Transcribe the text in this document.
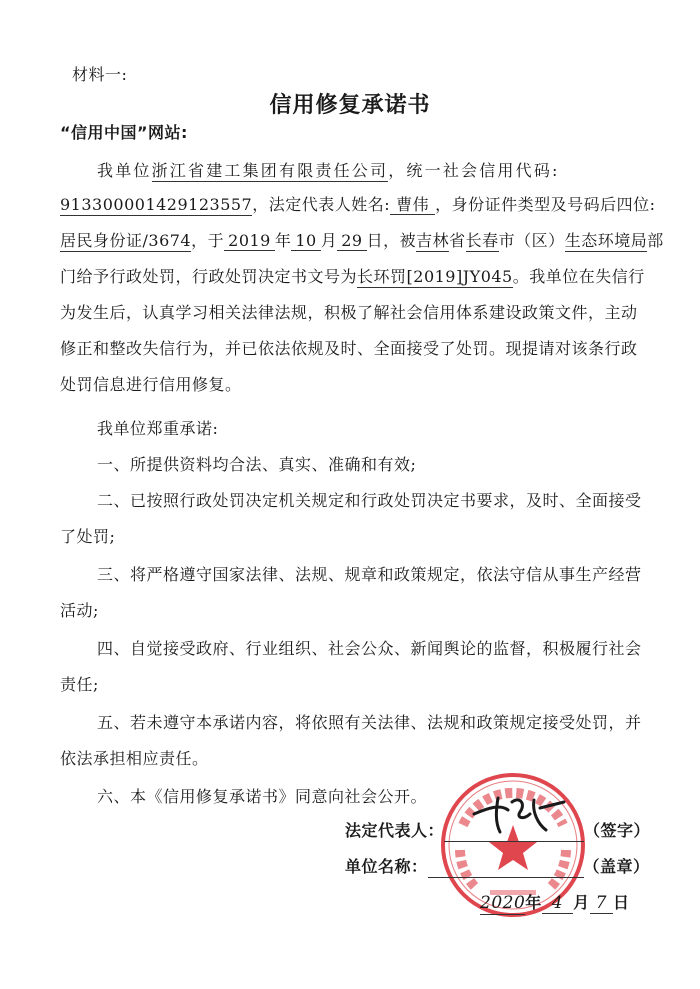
材料一:
信用修复承诺书
“信用中国”网站:
我单位浙江省建工集团有限责任公司，统一社会信用代码:
913300001429123557，法定代表人姓名: 曹伟 ，身份证件类型及号码后四位:
居民身份证/3674，于 2019 年 10 月 29 日，被吉林省长春市（区）生态环境局部
门给予行政处罚，行政处罚决定书文号为长环罚[2019]JY045。我单位在失信行
为发生后，认真学习相关法律法规，积极了解社会信用体系建设政策文件，主动
修正和整改失信行为，并已依法依规及时、全面接受了处罚。现提请对该条行政
处罚信息进行信用修复。
我单位郑重承诺:
一、所提供资料均合法、真实、准确和有效;
二、已按照行政处罚决定机关规定和行政处罚决定书要求，及时、全面接受
了处罚;
三、将严格遵守国家法律、法规、规章和政策规定，依法守信从事生产经营
活动;
四、自觉接受政府、行业组织、社会公众、新闻舆论的监督，积极履行社会
责任;
五、若未遵守本承诺内容，将依照有关法律、法规和政策规定接受处罚，并
依法承担相应责任。
六、本《信用修复承诺书》同意向社会公开。
法定代表人：	（签字）
单位名称：	（盖章）
2020年 4 月 7 日
